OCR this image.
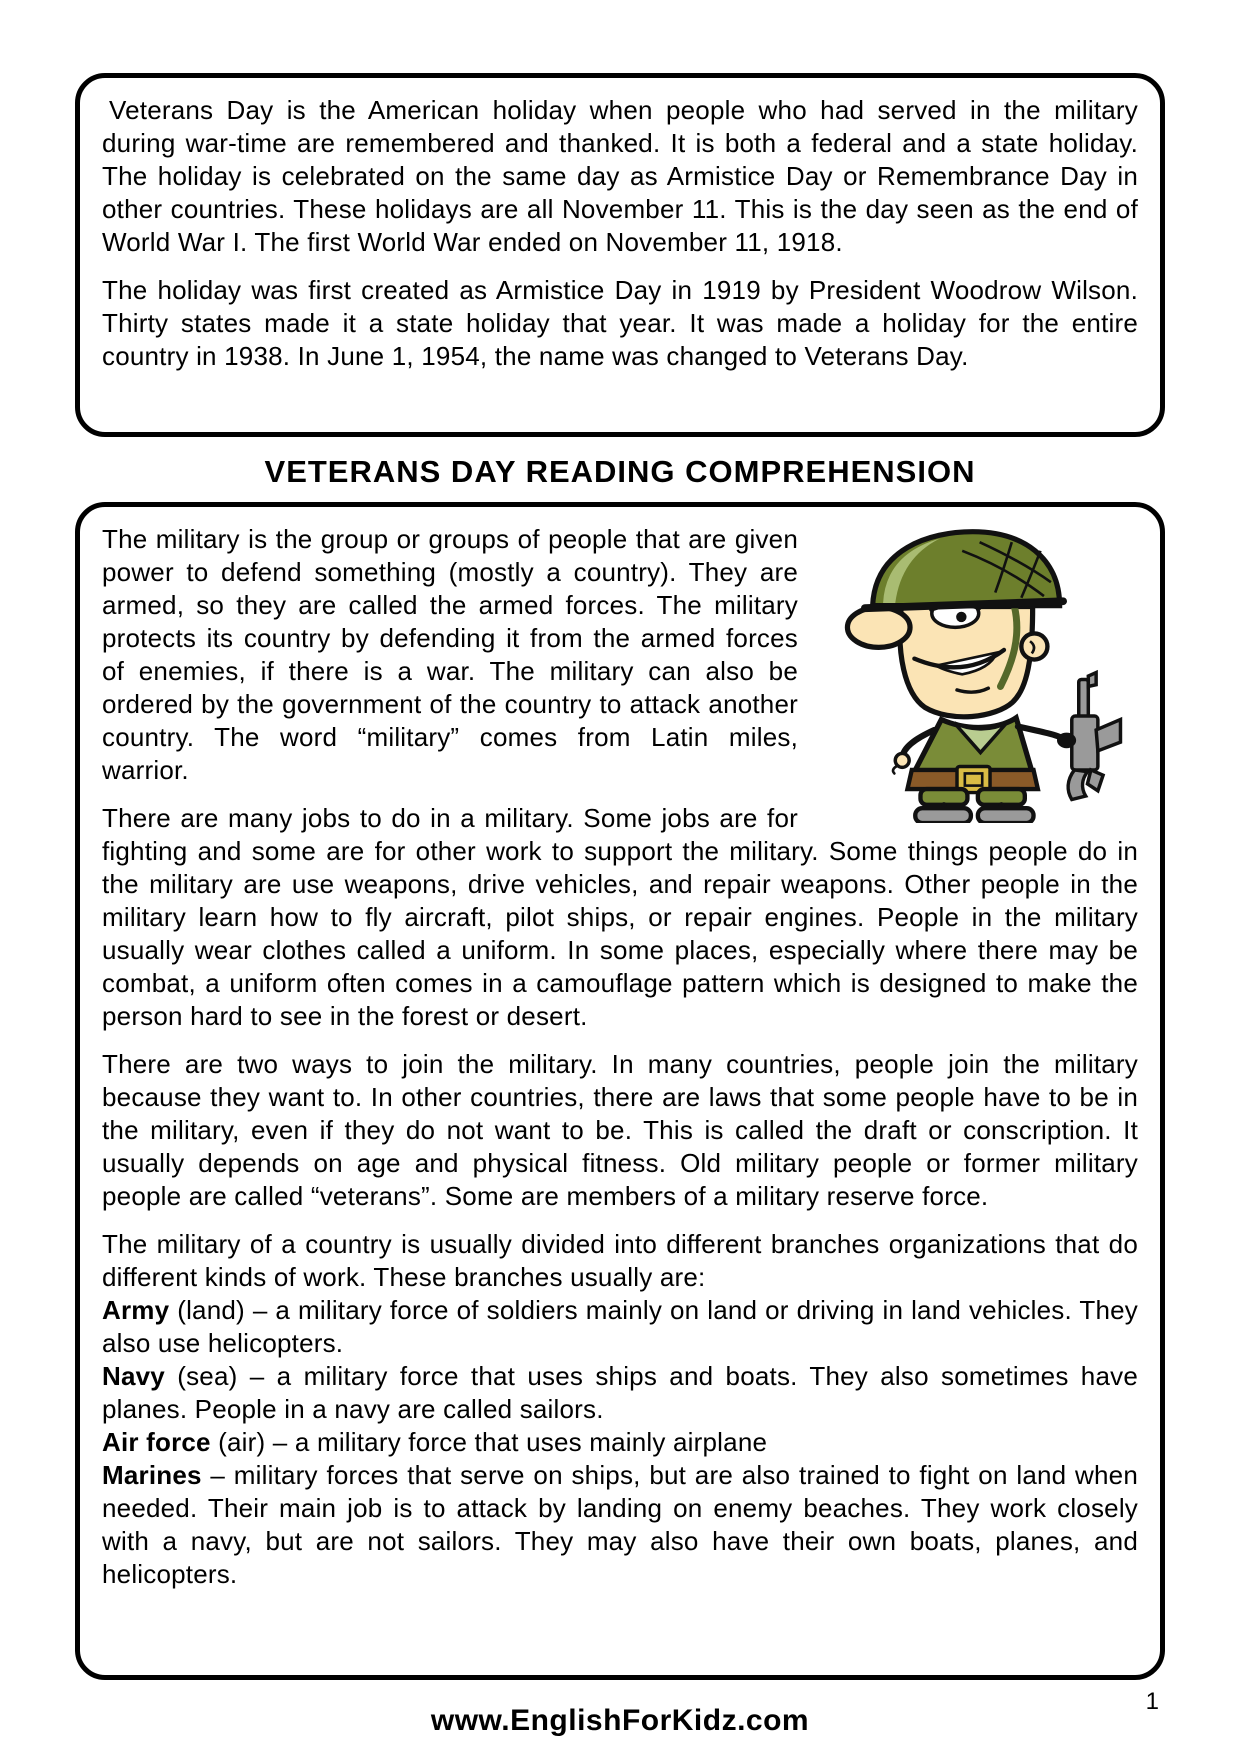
Veterans Day is the American holiday when people who had served in the military during war-time are remembered and thanked. It is both a federal and a state holiday. The holiday is celebrated on the same day as Armistice Day or Remembrance Day in other countries. These holidays are all November 11. This is the day seen as the end of World War I. The first World War ended on November 11, 1918.

The holiday was first created as Armistice Day in 1919 by President Woodrow Wilson. Thirty states made it a state holiday that year. It was made a holiday for the entire country in 1938. In June 1, 1954, the name was changed to Veterans Day.

VETERANS DAY READING COMPREHENSION

The military is the group or groups of people that are given power to defend something (mostly a country). They are armed, so they are called the armed forces. The military protects its country by defending it from the armed forces of enemies, if there is a war. The military can also be ordered by the government of the country to attack another country. The word “military” comes from Latin miles, warrior.

There are many jobs to do in a military. Some jobs are for fighting and some are for other work to support the military. Some things people do in the military are use weapons, drive vehicles, and repair weapons. Other people in the military learn how to fly aircraft, pilot ships, or repair engines. People in the military usually wear clothes called a uniform. In some places, especially where there may be combat, a uniform often comes in a camouflage pattern which is designed to make the person hard to see in the forest or desert.

There are two ways to join the military. In many countries, people join the military because they want to. In other countries, there are laws that some people have to be in the military, even if they do not want to be. This is called the draft or conscription. It usually depends on age and physical fitness. Old military people or former military people are called “veterans”. Some are members of a military reserve force.

The military of a country is usually divided into different branches organizations that do different kinds of work. These branches usually are:

Army (land) – a military force of soldiers mainly on land or driving in land vehicles. They also use helicopters.

Navy (sea) – a military force that uses ships and boats. They also sometimes have planes. People in a navy are called sailors.

Air force (air) – a military force that uses mainly airplane

Marines – military forces that serve on ships, but are also trained to fight on land when needed. Their main job is to attack by landing on enemy beaches. They work closely with a navy, but are not sailors. They may also have their own boats, planes, and helicopters.

1
www.EnglishForKidz.com
